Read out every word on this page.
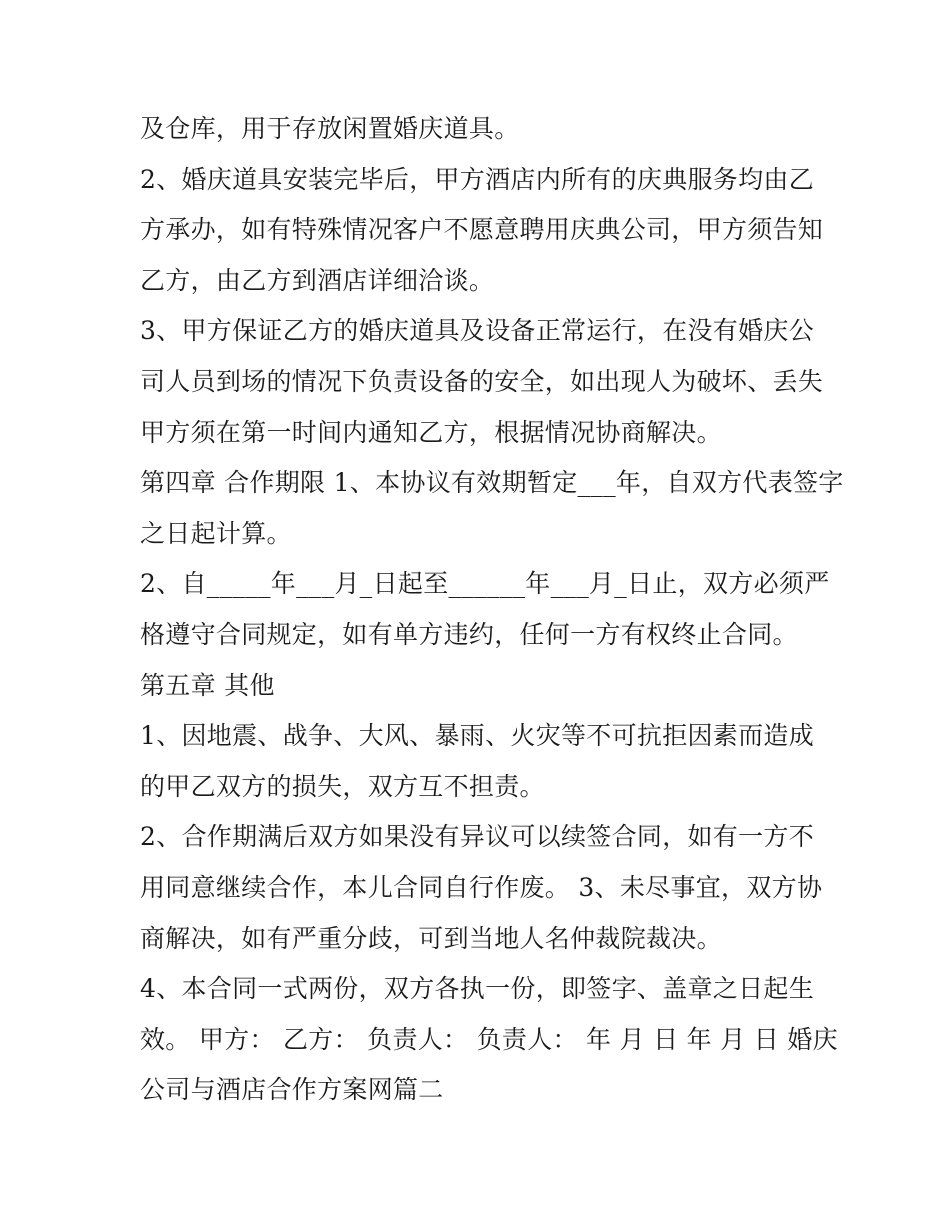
及仓库，用于存放闲置婚庆道具。
2、婚庆道具安装完毕后，甲方酒店内所有的庆典服务均由乙
方承办，如有特殊情况客户不愿意聘用庆典公司，甲方须告知
乙方，由乙方到酒店详细洽谈。
3、甲方保证乙方的婚庆道具及设备正常运行，在没有婚庆公
司人员到场的情况下负责设备的安全，如出现人为破坏、丢失
甲方须在第一时间内通知乙方，根据情况协商解决。
第四章 合作期限 1、本协议有效期暂定___年，自双方代表签字
之日起计算。
2、自_____年___月_日起至______年___月_日止，双方必须严
格遵守合同规定，如有单方违约，任何一方有权终止合同。
第五章 其他
1、因地震、战争、大风、暴雨、火灾等不可抗拒因素而造成
的甲乙双方的损失，双方互不担责。
2、合作期满后双方如果没有异议可以续签合同，如有一方不
用同意继续合作，本儿合同自行作废。 3、未尽事宜，双方协
商解决，如有严重分歧，可到当地人名仲裁院裁决。
4、本合同一式两份，双方各执一份，即签字、盖章之日起生
效。 甲方： 乙方： 负责人： 负责人： 年 月 日 年 月 日 婚庆
公司与酒店合作方案网篇二
